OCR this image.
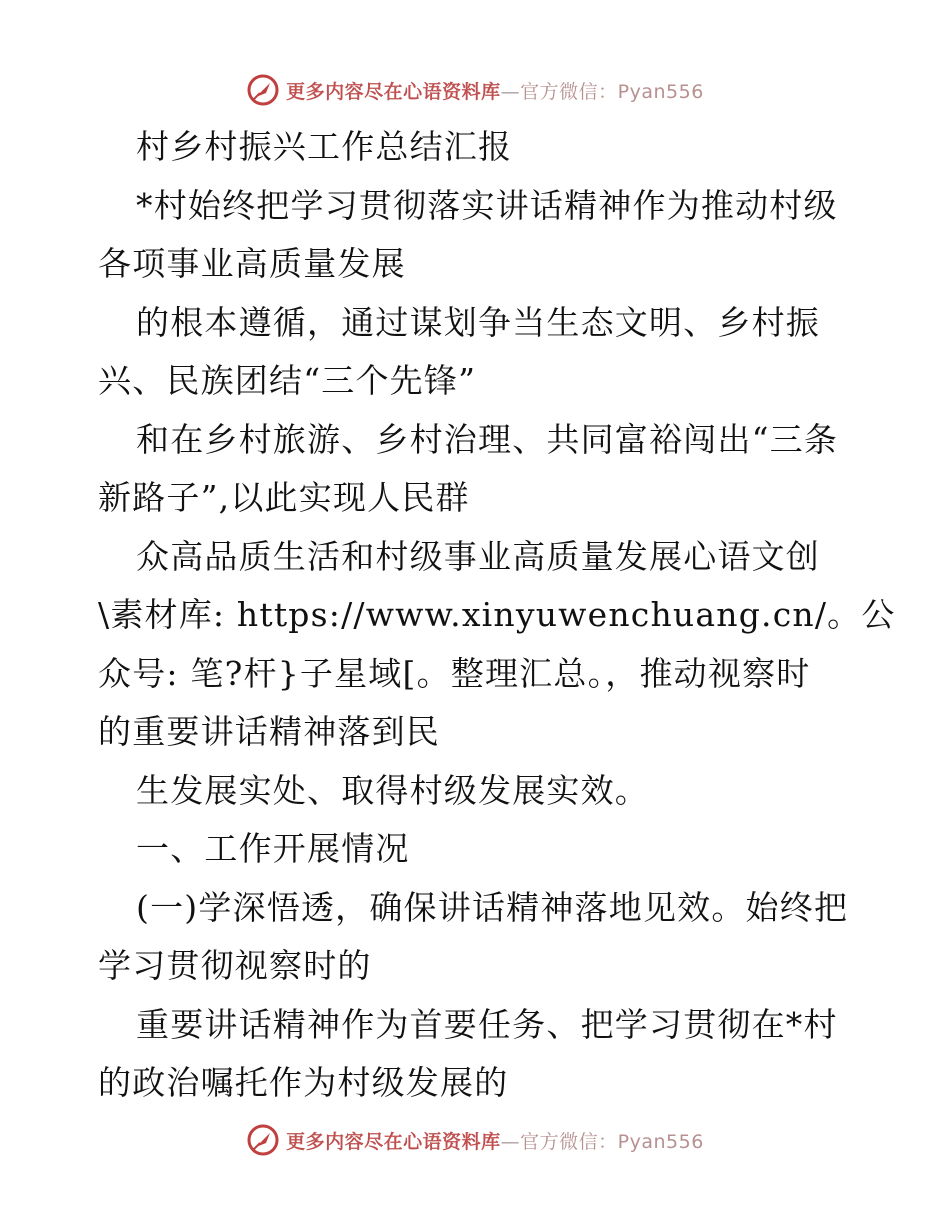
更多内容尽在心语资料库—官方微信：Pyan556
村乡村振兴工作总结汇报
*村始终把学习贯彻落实讲话精神作为推动村级
各项事业高质量发展
的根本遵循，通过谋划争当生态文明、乡村振
兴、民族团结“三个先锋”
和在乡村旅游、乡村治理、共同富裕闯出“三条
新路子”,以此实现人民群
众高品质生活和村级事业高质量发展心语文创
\素材库: https://www.xinyuwenchuang.cn/。公
众号: 笔?杆}子星域[。整理汇总。，推动视察时
的重要讲话精神落到民
生发展实处、取得村级发展实效。
一、工作开展情况
(一)学深悟透，确保讲话精神落地见效。始终把
学习贯彻视察时的
重要讲话精神作为首要任务、把学习贯彻在*村
的政治嘱托作为村级发展的
更多内容尽在心语资料库—官方微信：Pyan556
